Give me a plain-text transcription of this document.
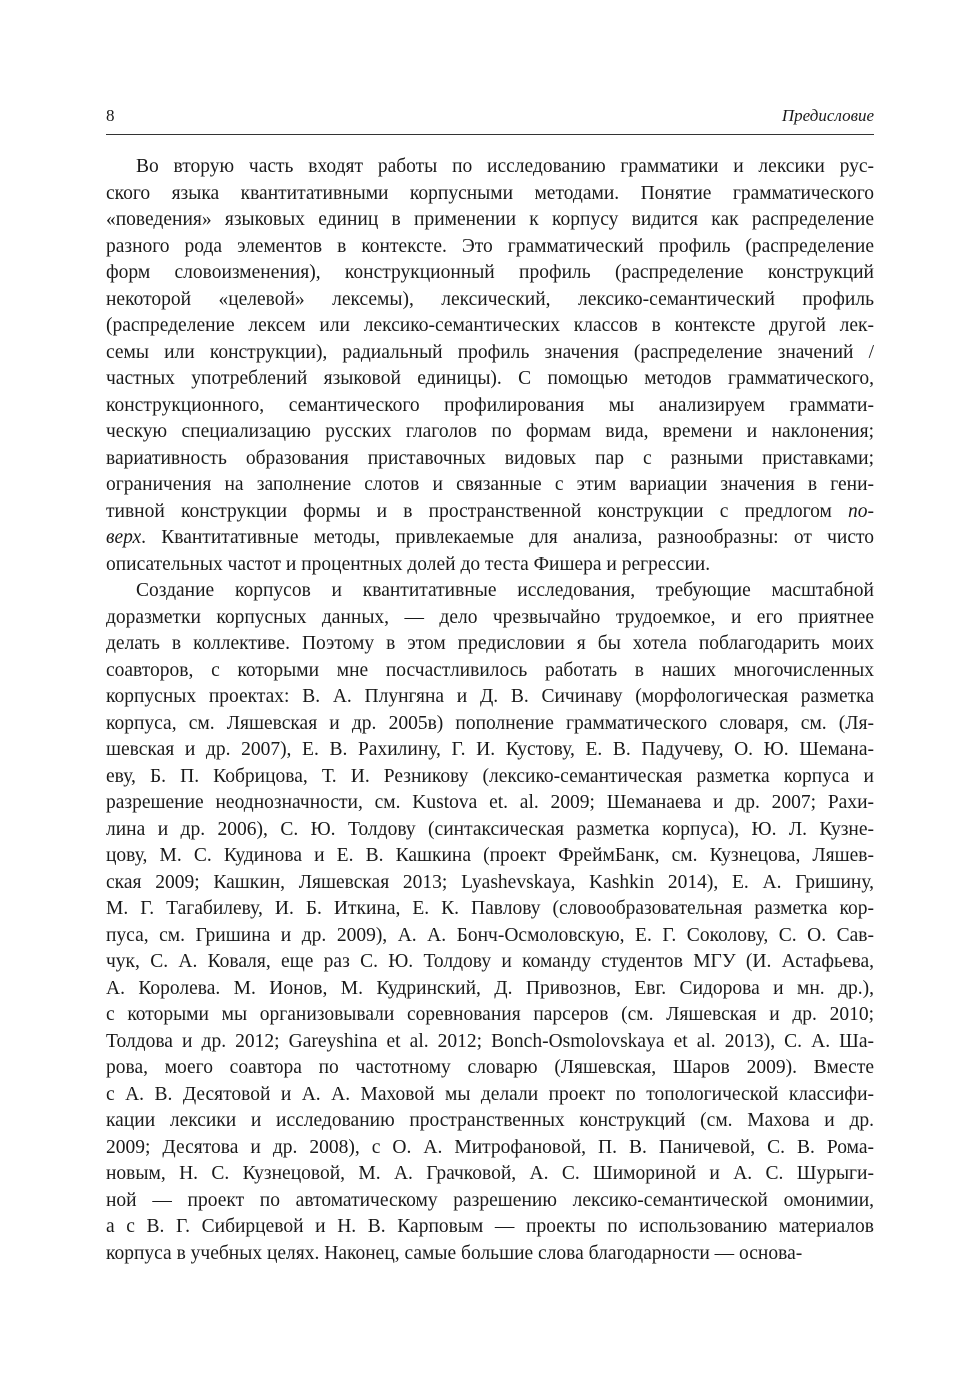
8	Предисловие
Во вторую часть входят работы по исследованию грамматики и лексики рус-
ского языка квантитативными корпусными методами. Понятие грамматического
«поведения» языковых единиц в применении к корпусу видится как распределение
разного рода элементов в контексте. Это грамматический профиль (распределение
форм словоизменения), конструкционный профиль (распределение конструкций
некоторой «целевой» лексемы), лексический, лексико-семантический профиль
(распределение лексем или лексико-семантических классов в контексте другой лек-
семы или конструкции), радиальный профиль значения (распределение значений /
частных употреблений языковой единицы). С помощью методов грамматического,
конструкционного, семантического профилирования мы анализируем граммати-
ческую специализацию русских глаголов по формам вида, времени и наклонения;
вариативность образования приставочных видовых пар с разными приставками;
ограничения на заполнение слотов и связанные с этим вариации значения в гени-
тивной конструкции формы и в пространственной конструкции с предлогом по-
верх. Квантитативные методы, привлекаемые для анализа, разнообразны: от чисто
описательных частот и процентных долей до теста Фишера и регрессии.
Создание корпусов и квантитативные исследования, требующие масштабной
доразметки корпусных данных, — дело чрезвычайно трудоемкое, и его приятнее
делать в коллективе. Поэтому в этом предисловии я бы хотела поблагодарить моих
соавторов, с которыми мне посчастливилось работать в наших многочисленных
корпусных проектах: В. А. Плунгяна и Д. В. Сичинаву (морфологическая разметка
корпуса, см. Ляшевская и др. 2005в) пополнение грамматического словаря, см. (Ля-
шевская и др. 2007), Е. В. Рахилину, Г. И. Кустову, Е. В. Падучеву, О. Ю. Шемана-
еву, Б. П. Кобрицова, Т. И. Резникову (лексико-семантическая разметка корпуса и
разрешение неоднозначности, см. Kustova et. al. 2009; Шеманаева и др. 2007; Рахи-
лина и др. 2006), С. Ю. Толдову (синтаксическая разметка корпуса), Ю. Л. Кузне-
цову, М. С. Кудинова и Е. В. Кашкина (проект ФреймБанк, см. Кузнецова, Ляшев-
ская 2009; Кашкин, Ляшевская 2013; Lyashevskaya, Kashkin 2014), Е. А. Гришину,
М. Г. Тагабилеву, И. Б. Иткина, Е. К. Павлову (словообразовательная разметка кор-
пуса, см. Гришина и др. 2009), А. А. Бонч-Осмоловскую, Е. Г. Соколову, С. О. Сав-
чук, С. А. Коваля, еще раз С. Ю. Толдову и команду студентов МГУ (И. Астафьева,
А. Королева. М. Ионов, М. Кудринский, Д. Привознов, Евг. Сидорова и мн. др.),
с которыми мы организовывали соревнования парсеров (см. Ляшевская и др. 2010;
Толдова и др. 2012; Gareyshina et al. 2012; Bonch-Osmolovskaya et al. 2013), С. А. Ша-
рова, моего соавтора по частотному словарю (Ляшевская, Шаров 2009). Вместе
с А. В. Десятовой и А. А. Маховой мы делали проект по топологической классифи-
кации лексики и исследованию пространственных конструкций (см. Махова и др.
2009; Десятова и др. 2008), с О. А. Митрофановой, П. В. Паничевой, С. В. Рома-
новым, Н. С. Кузнецовой, М. А. Грачковой, А. С. Шимориной и А. С. Шурыги-
ной — проект по автоматическому разрешению лексико-семантической омонимии,
а с В. Г. Сибирцевой и Н. В. Карповым — проекты по использованию материалов
корпуса в учебных целях. Наконец, самые большие слова благодарности — основа-
